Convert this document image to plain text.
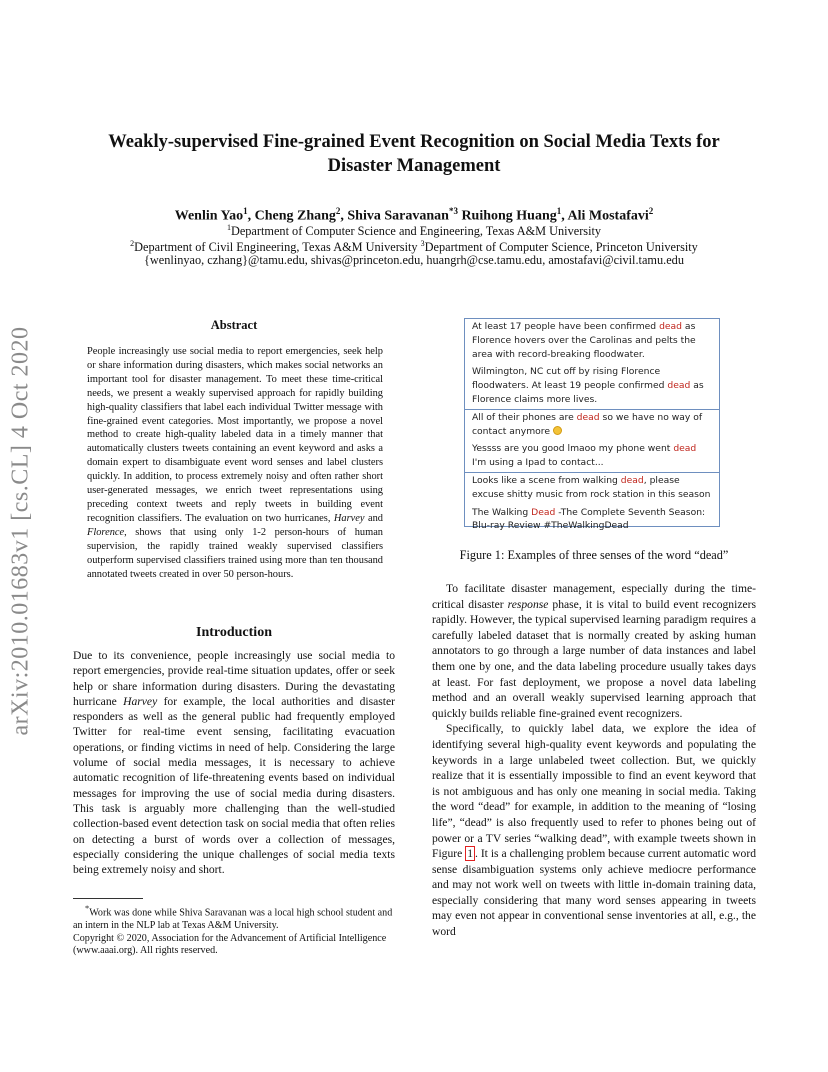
Weakly-supervised Fine-grained Event Recognition on Social Media Texts for
Disaster Management
Wenlin Yao$^1$, Cheng Zhang$^2$, Shiva Saravanan$^{*3}$ Ruihong Huang$^1$, Ali Mostafavi$^2$
$^1$Department of Computer Science and Engineering, Texas A&M University
$^2$Department of Civil Engineering, Texas A&M University $^3$Department of Computer Science, Princeton University
{wenlinyao, czhang}@tamu.edu, shivas@princeton.edu, huangrh@cse.tamu.edu, amostafavi@civil.tamu.edu
arXiv:2010.01683v1 [cs.CL] 4 Oct 2020
Abstract
People increasingly use social media to report emergencies, seek help or share information during disasters, which makes social networks an important tool for disaster management. To meet these time-critical needs, we present a weakly supervised approach for rapidly building high-quality classifiers that label each individual Twitter message with fine-grained event categories. Most importantly, we propose a novel method to create high-quality labeled data in a timely manner that automatically clusters tweets containing an event keyword and asks a domain expert to disambiguate event word senses and label clusters quickly. In addition, to process extremely noisy and often rather short user-generated messages, we enrich tweet representations using preceding context tweets and reply tweets in building event recognition classifiers. The evaluation on two hurricanes, Harvey and Florence, shows that using only 1-2 person-hours of human supervision, the rapidly trained weakly supervised classifiers outperform supervised classifiers trained using more than ten thousand annotated tweets created in over 50 person-hours.
Introduction

Due to its convenience, people increasingly use social media to report emergencies, provide real-time situation updates, offer or seek help or share information during disasters. During the devastating hurricane Harvey for example, the local authorities and disaster responders as well as the general public had frequently employed Twitter for real-time event sensing, facilitating evacuation operations, or finding victims in need of help. Considering the large volume of social media messages, it is necessary to achieve automatic recognition of life-threatening events based on individual messages for improving the use of social media during disasters. This task is arguably more challenging than the well-studied collection-based event detection task on social media that often relies on detecting a burst of words over a collection of messages, especially considering the unique challenges of social media texts being extremely noisy and short.

*Work was done while Shiva Saravanan was a local high school student and an intern in the NLP lab at Texas A&M University.

Copyright © 2020, Association for the Advancement of Artificial Intelligence (www.aaai.org). All rights reserved.

At least 17 people have been confirmed dead as Florence hovers over the Carolinas and pelts the area with record-breaking floodwater.

Wilmington, NC cut off by rising Florence floodwaters. At least 19 people confirmed dead as Florence claims more lives.

All of their phones are dead so we have no way of contact anymore

Yessss are you good lmaoo my phone went dead I'm using a Ipad to contact...

Looks like a scene from walking dead, please excuse shitty music from rock station in this season

The Walking Dead -The Complete Seventh Season: Blu-ray Review #TheWalkingDead

Figure 1: Examples of three senses of the word “dead”

To facilitate disaster management, especially during the time-critical disaster response phase, it is vital to build event recognizers rapidly. However, the typical supervised learning paradigm requires a carefully labeled dataset that is normally created by asking human annotators to go through a large number of data instances and label them one by one, and the data labeling procedure usually takes days at least. For fast deployment, we propose a novel data labeling method and an overall weakly supervised learning approach that quickly builds reliable fine-grained event recognizers.

Specifically, to quickly label data, we explore the idea of identifying several high-quality event keywords and populating the keywords in a large unlabeled tweet collection. But, we quickly realize that it is essentially impossible to find an event keyword that is not ambiguous and has only one meaning in social media. Taking the word “dead” for example, in addition to the meaning of “losing life”, “dead” is also frequently used to refer to phones being out of power or a TV series “walking dead”, with example tweets shown in Figure 1 . It is a challenging problem because current automatic word sense disambiguation systems only achieve mediocre performance and may not work well on tweets with little in-domain training data, especially considering that many word senses appearing in tweets may even not appear in conventional sense inventories at all, e.g., the word
